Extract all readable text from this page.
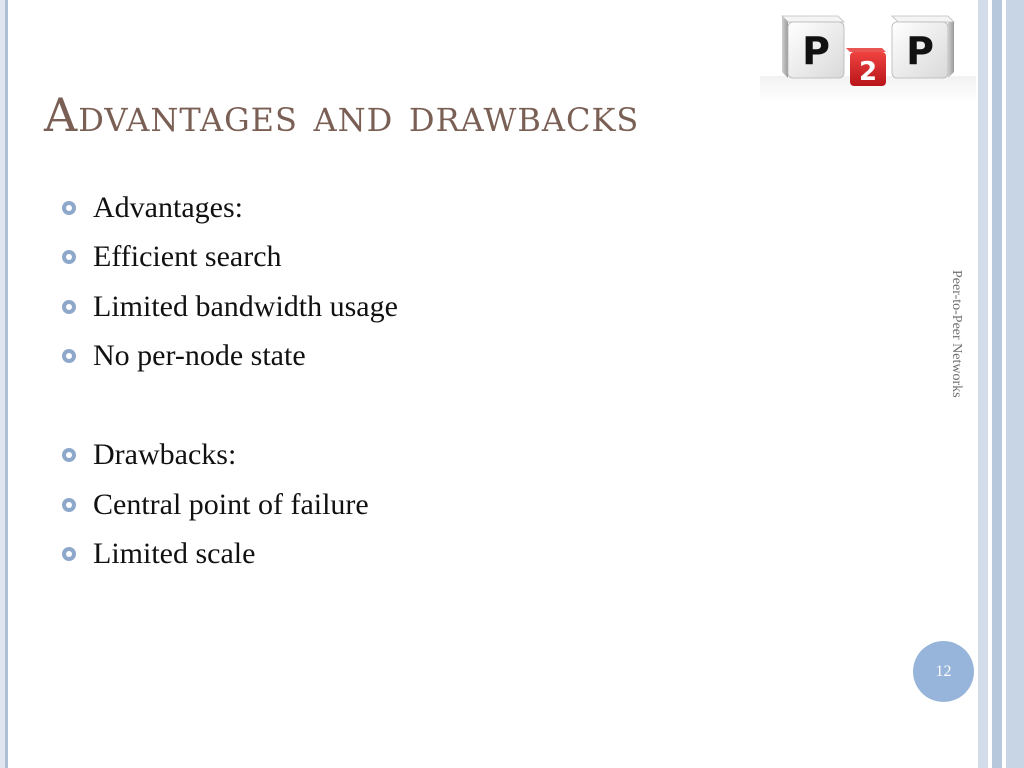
P 2 P
Advantages and drawbacks
Advantages:
Efficient search
Limited bandwidth usage
No per-node state
Drawbacks:
Central point of failure
Limited scale
Peer-to-Peer Networks
12
